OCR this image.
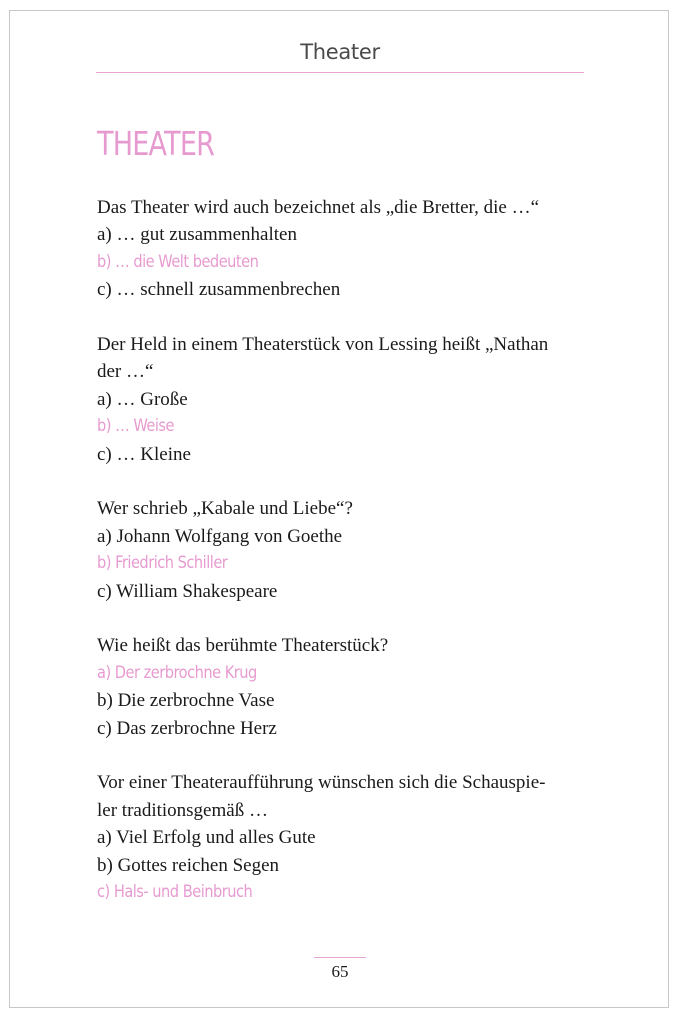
Theater
THEATER
Das Theater wird auch bezeichnet als „die Bretter, die …“
a) … gut zusammenhalten
b) … die Welt bedeuten
c) … schnell zusammenbrechen
Der Held in einem Theaterstück von Lessing heißt „Nathan
der …“
a) … Große
b) … Weise
c) … Kleine
Wer schrieb „Kabale und Liebe“?
a) Johann Wolfgang von Goethe
b) Friedrich Schiller
c) William Shakespeare
Wie heißt das berühmte Theaterstück?
a) Der zerbrochne Krug
b) Die zerbrochne Vase
c) Das zerbrochne Herz
Vor einer Theateraufführung wünschen sich die Schauspie-
ler traditionsgemäß …
a) Viel Erfolg und alles Gute
b) Gottes reichen Segen
c) Hals- und Beinbruch
65
